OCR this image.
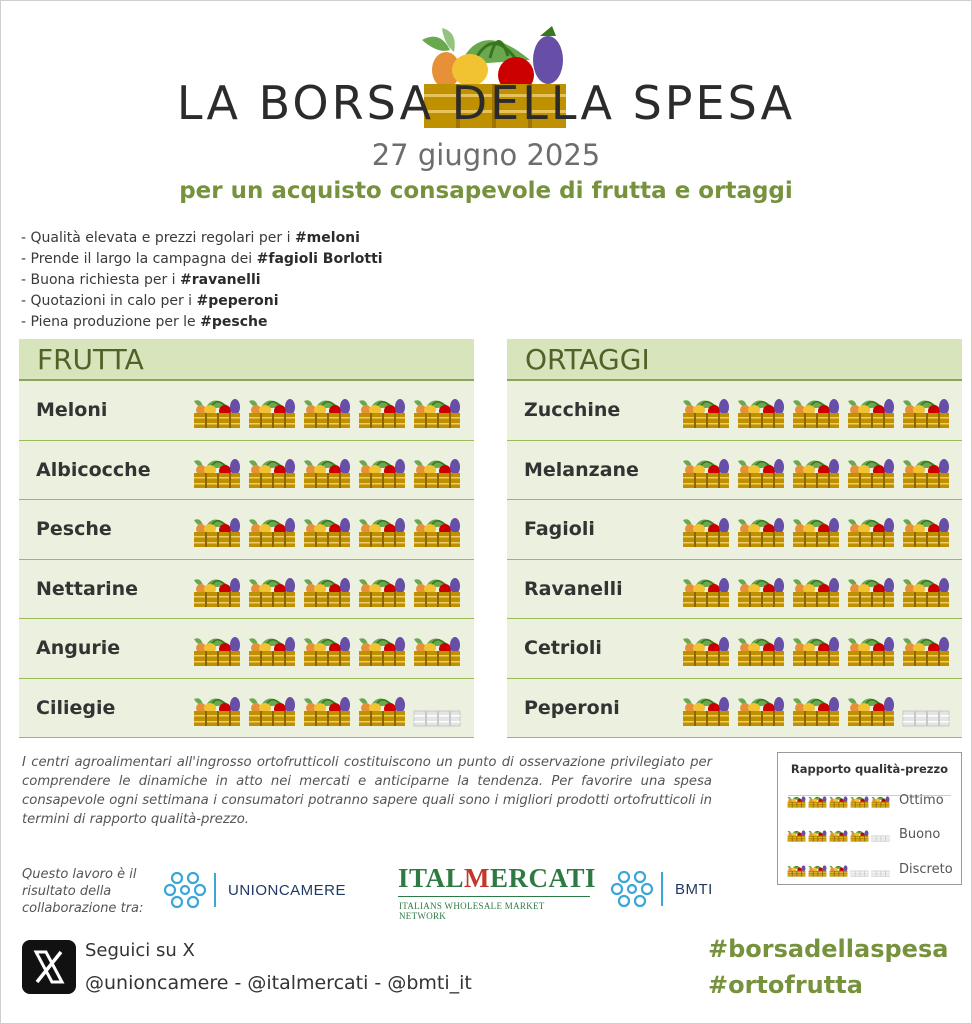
LA BORSA DELLA SPESA
27 giugno 2025
per un acquisto consapevole di frutta e ortaggi
- Qualità elevata e prezzi regolari per i #meloni
- Prende il largo la campagna dei #fagioli Borlotti
- Buona richiesta per i #ravanelli
- Quotazioni in calo per i #peperoni
- Piena produzione per le #pesche
FRUTTA
Meloni
Albicocche
Pesche
Nettarine
Angurie
Ciliegie
ORTAGGI
Zucchine
Melanzane
Fagioli
Ravanelli
Cetrioli
Peperoni

I centri agroalimentari all'ingrosso ortofrutticoli costituiscono un punto di osservazione privilegiato per comprendere le dinamiche in atto nei mercati e anticiparne la tendenza. Per favorire una spesa consapevole ogni settimana i consumatori potranno sapere quali sono i migliori prodotti ortofrutticoli in termini di rapporto qualità-prezzo.

Rapporto qualità-prezzo
Ottimo
Buono
Discreto
Questo lavoro è il risultato della collaborazione tra:
UNIONCAMERE ITALMERCATI
ITALIANS WHOLESALE MARKET NETWORK
BMTI
Seguici su X
@unioncamere - @italmercati - @bmti_it
#borsadellaspesa
#ortofrutta
